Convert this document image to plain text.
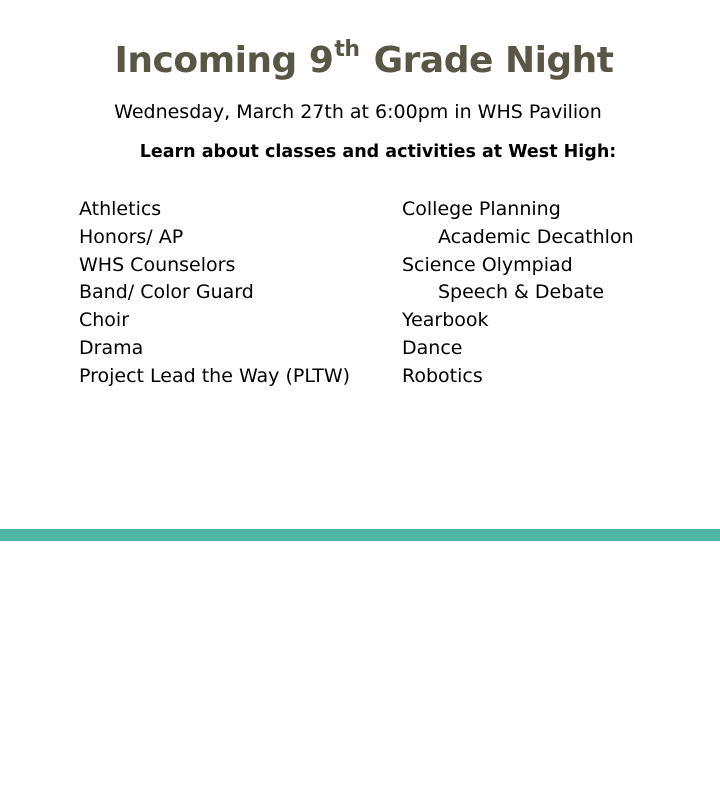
Incoming 9th Grade Night
Wednesday, March 27th at 6:00pm in WHS Pavilion
Learn about classes and activities at West High:
Athletics
Honors/ AP
WHS Counselors
Band/ Color Guard
Choir
Drama
Project Lead the Way (PLTW)
College Planning
Academic Decathlon
Science Olympiad
Speech & Debate
Yearbook
Dance
Robotics
